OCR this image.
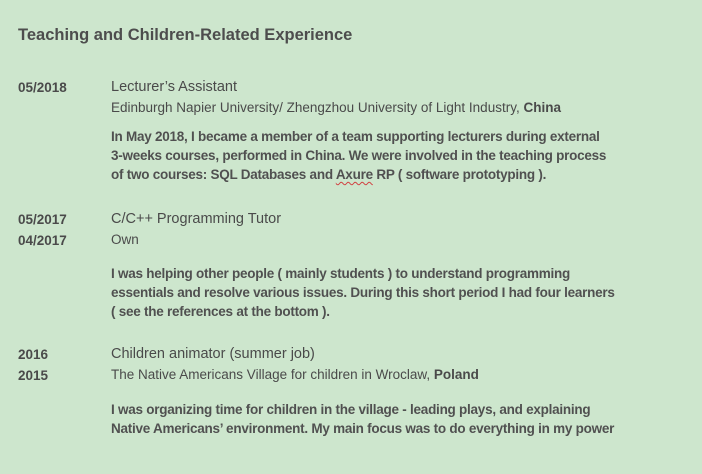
Teaching and Children-Related Experience
05/2018	Lecturer’s Assistant
Edinburgh Napier University/ Zhengzhou University of Light Industry, China
In May 2018, I became a member of a team supporting lecturers during external
3-weeks courses, performed in China. We were involved in the teaching process
of two courses: SQL Databases and Axure RP ( software prototyping ).
05/2017
04/2017
C/C++ Programming Tutor
Own
I was helping other people ( mainly students ) to understand programming
essentials and resolve various issues. During this short period I had four learners
( see the references at the bottom ).
2016
2015
Children animator (summer job)
The Native Americans Village for children in Wroclaw, Poland
I was organizing time for children in the village - leading plays, and explaining
Native Americans’ environment. My main focus was to do everything in my power
